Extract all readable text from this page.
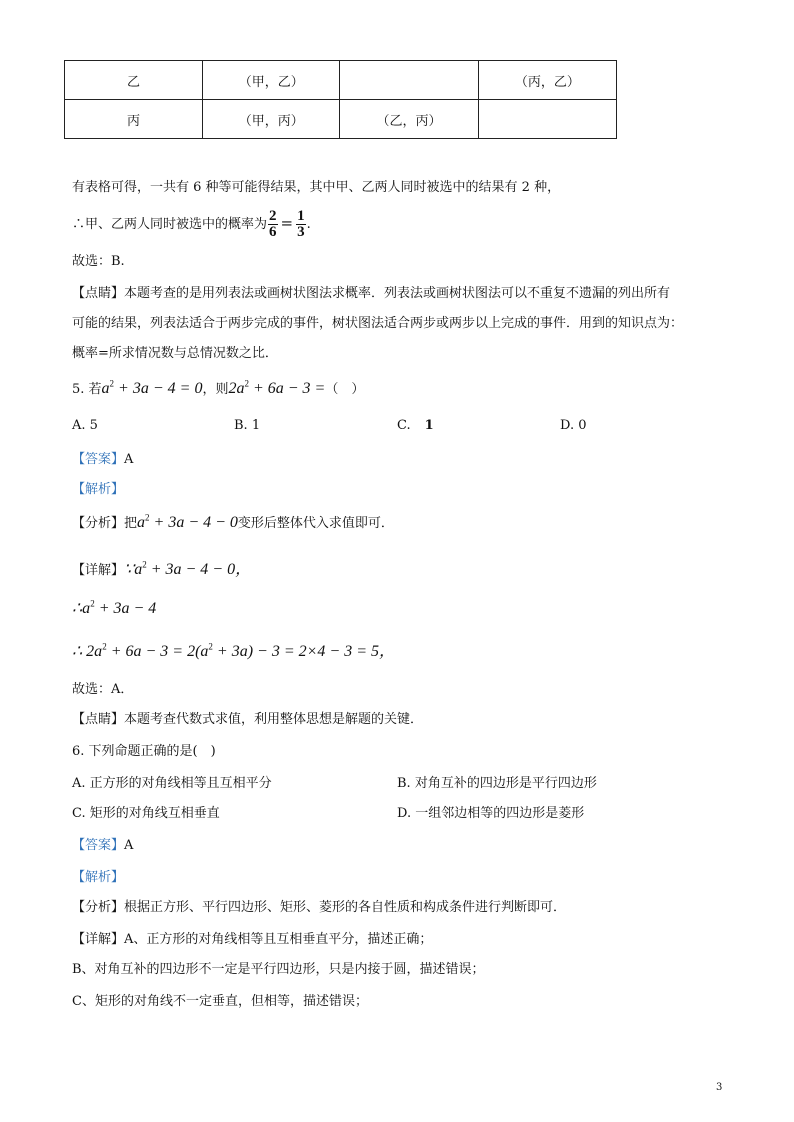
乙	（甲，乙）		（丙，乙）
丙	（甲，丙）	（乙，丙）	
有表格可得，一共有 6 种等可能得结果，其中甲、乙两人同时被选中的结果有 2 种，
∴甲、乙两人同时被选中的概率为 $\frac{2}{6} = \frac{1}{3}$ .
故选：B.
【点睛】本题考查的是用列表法或画树状图法求概率．列表法或画树状图法可以不重复不遗漏的列出所有
可能的结果，列表法适合于两步完成的事件，树状图法适合两步或两步以上完成的事件．用到的知识点为：
概率=所求情况数与总情况数之比．
5. 若$a^2 + 3a - 4 = 0$，则$2a^2 + 6a - 3$ =（　）
A. 5	B. 1	C. 1	D. 0
【答案】A
【解析】
【分析】把$a^2 + 3a - 4 - 0$变形后整体代入求值即可．
【详解】$\because a^2 + 3a - 4 - 0$，
$\therefore a^2 + 3a - 4$
∴ $2a^2 + 6a - 3 = 2(a^2 + 3a) - 3 = 2\times 4 - 3 = 5$，
故选：A．
【点睛】本题考查代数式求值，利用整体思想是解题的关键．
6. 下列命题正确的是(　)
A. 正方形的对角线相等且互相平分	B. 对角互补的四边形是平行四边形
C. 矩形的对角线互相垂直	D. 一组邻边相等的四边形是菱形
【答案】A
【解析】
【分析】根据正方形、平行四边形、矩形、菱形的各自性质和构成条件进行判断即可．
【详解】A、正方形的对角线相等且互相垂直平分，描述正确；
B、对角互补的四边形不一定是平行四边形，只是内接于圆，描述错误；
C、矩形的对角线不一定垂直，但相等，描述错误；
3
